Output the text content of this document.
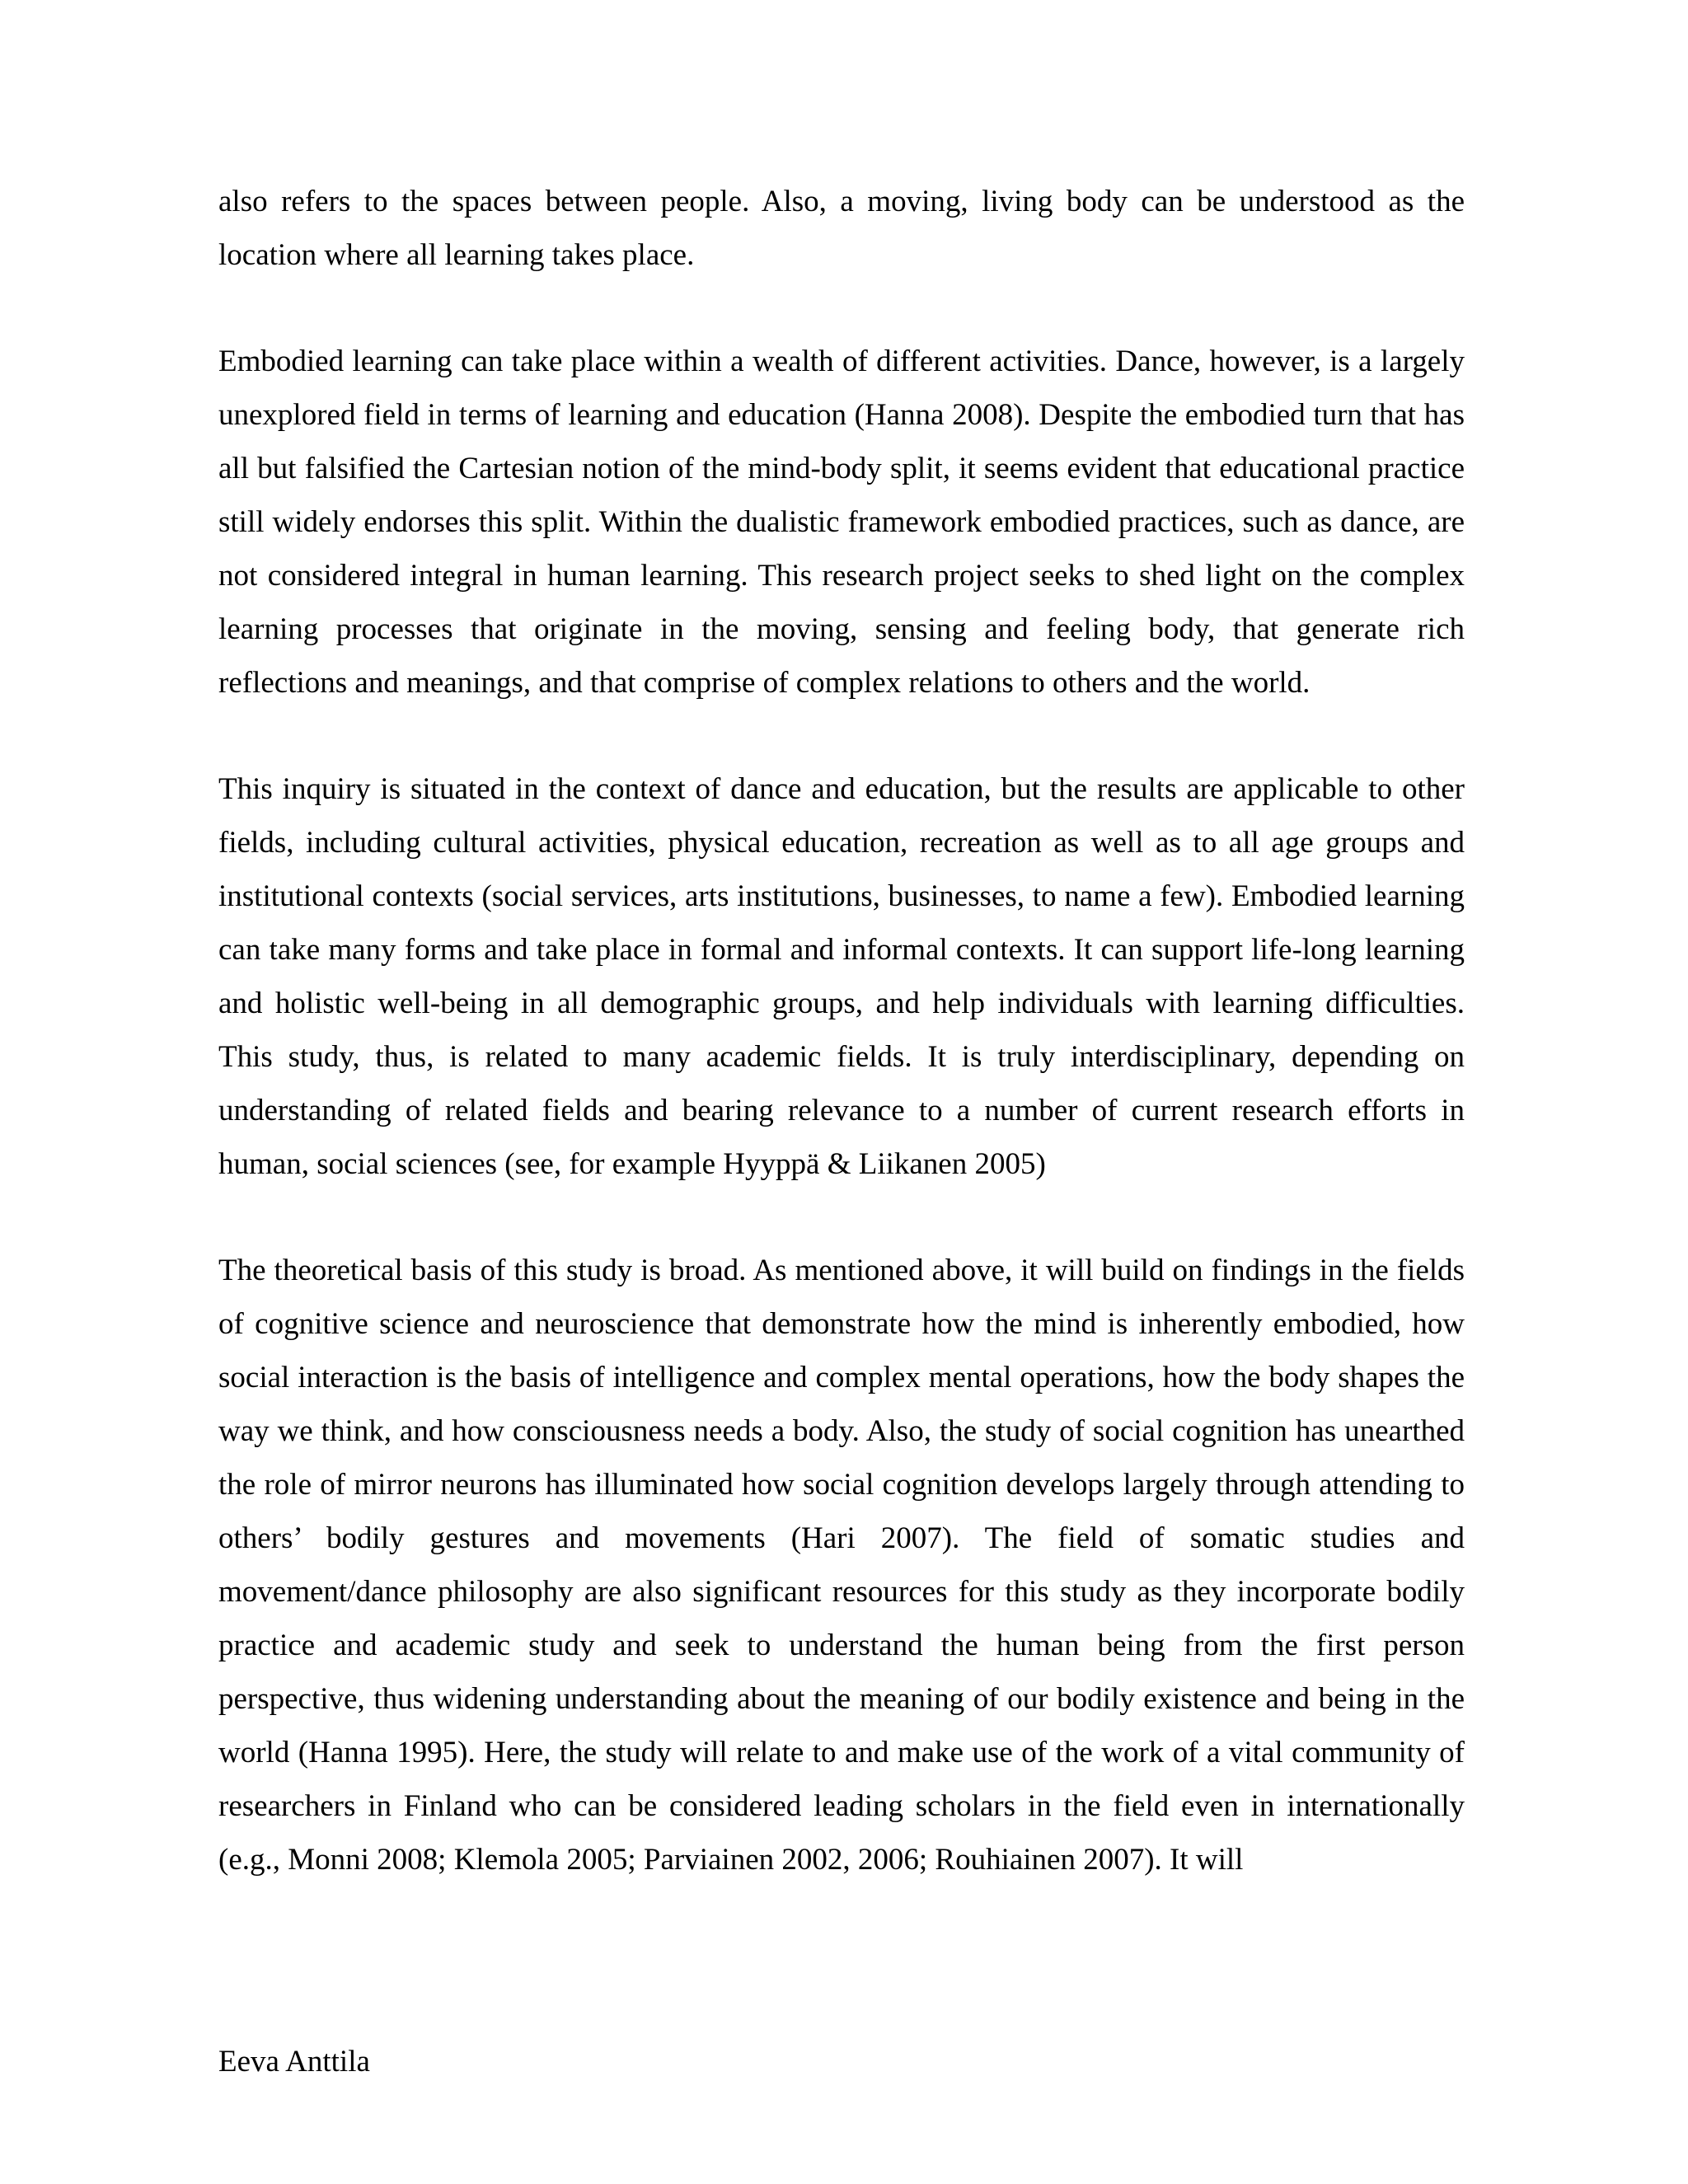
also refers to the spaces between people. Also, a moving, living body can be understood as the location where all learning takes place.

Embodied learning can take place within a wealth of different activities. Dance, however, is a largely unexplored field in terms of learning and education (Hanna 2008). Despite the embodied turn that has all but falsified the Cartesian notion of the mind-body split, it seems evident that educational practice still widely endorses this split. Within the dualistic framework embodied practices, such as dance, are not considered integral in human learning. This research project seeks to shed light on the complex learning processes that originate in the moving, sensing and feeling body, that generate rich reflections and meanings, and that comprise of complex relations to others and the world.

This inquiry is situated in the context of dance and education, but the results are applicable to other fields, including cultural activities, physical education, recreation as well as to all age groups and institutional contexts (social services, arts institutions, businesses, to name a few). Embodied learning can take many forms and take place in formal and informal contexts. It can support life-long learning and holistic well-being in all demographic groups, and help individuals with learning difficulties. This study, thus, is related to many academic fields. It is truly interdisciplinary, depending on understanding of related fields and bearing relevance to a number of current research efforts in human, social sciences (see, for example Hyyppä & Liikanen 2005)

The theoretical basis of this study is broad. As mentioned above, it will build on findings in the fields of cognitive science and neuroscience that demonstrate how the mind is inherently embodied, how social interaction is the basis of intelligence and complex mental operations, how the body shapes the way we think, and how consciousness needs a body. Also, the study of social cognition has unearthed the role of mirror neurons has illuminated how social cognition develops largely through attending to others’ bodily gestures and movements (Hari 2007). The field of somatic studies and movement/dance philosophy are also significant resources for this study as they incorporate bodily practice and academic study and seek to understand the human being from the first person perspective, thus widening understanding about the meaning of our bodily existence and being in the world (Hanna 1995). Here, the study will relate to and make use of the work of a vital community of researchers in Finland who can be considered leading scholars in the field even in internationally (e.g., Monni 2008; Klemola 2005; Parviainen 2002, 2006; Rouhiainen 2007). It will

Eeva Anttila
